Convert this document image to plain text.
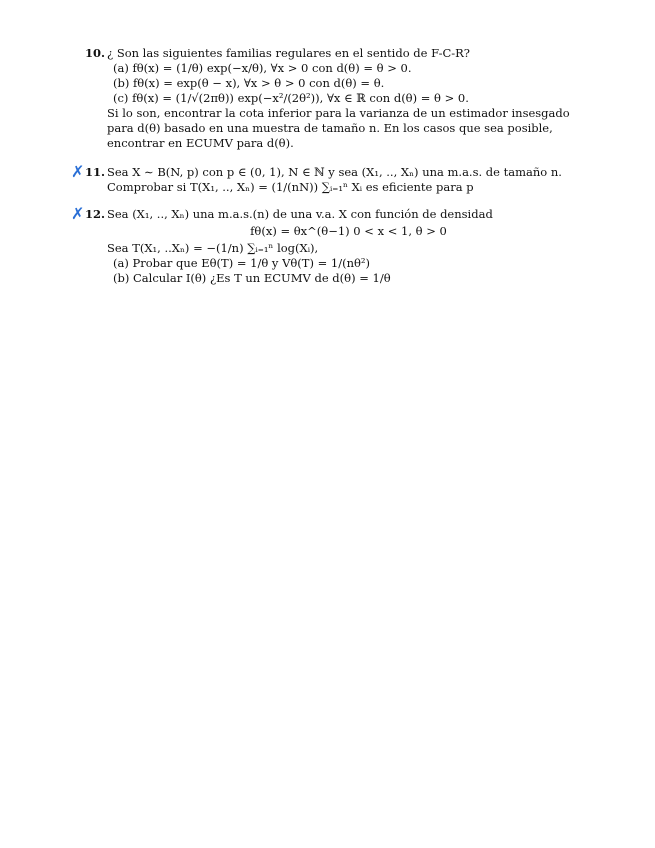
10. ¿ Son las siguientes familias regulares en el sentido de F-C-R?
(a) fθ(x) = (1/θ) exp(−x/θ), ∀x > 0 con d(θ) = θ > 0.
(b) fθ(x) = exp(θ − x), ∀x > θ > 0 con d(θ) = θ.
(c) fθ(x) = (1/√(2πθ)) exp(−x²/(2θ²)), ∀x ∈ ℝ con d(θ) = θ > 0.
Si lo son, encontrar la cota inferior para la varianza de un estimador insesgado para d(θ) basado en una muestra de tamaño n. En los casos que sea posible, encontrar en ECUMV para d(θ).
✗ 11. Sea X ∼ B(N, p) con p ∈ (0, 1), N ∈ ℕ y sea (X₁, .., Xₙ) una m.a.s. de tamaño n.
Comprobar si T(X₁, .., Xₙ) = (1/(nN)) ∑ᵢ₌₁ⁿ Xᵢ es eficiente para p
✗ 12. Sea (X₁, .., Xₙ) una m.a.s.(n) de una v.a. X con función de densidad
fθ(x) = θx^(θ−1) 0 < x < 1, θ > 0
Sea T(X₁, ..Xₙ) = −(1/n) ∑ᵢ₌₁ⁿ log(Xᵢ),
(a) Probar que Eθ(T) = 1/θ y Vθ(T) = 1/(nθ²)
(b) Calcular I(θ) ¿Es T un ECUMV de d(θ) = 1/θ
